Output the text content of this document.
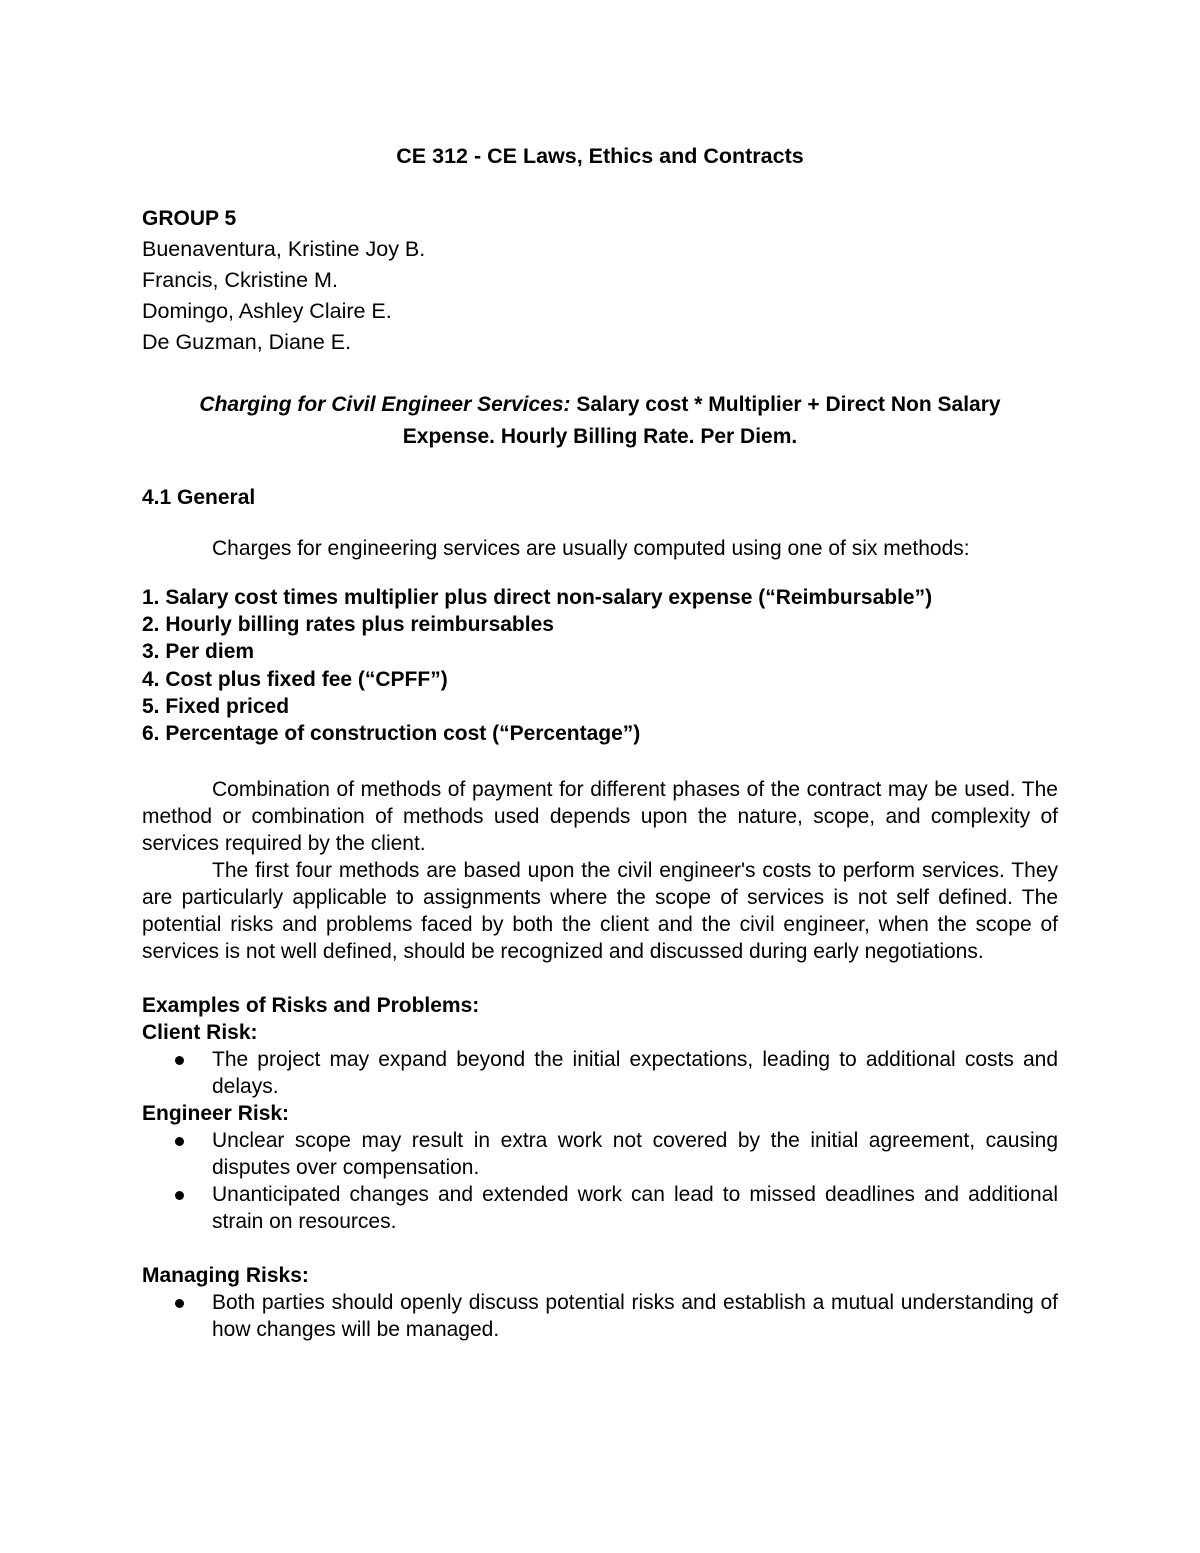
CE 312 - CE Laws, Ethics and Contracts
GROUP 5
Buenaventura, Kristine Joy B.
Francis, Ckristine M.
Domingo, Ashley Claire E.
De Guzman, Diane E.
Charging for Civil Engineer Services: Salary cost * Multiplier + Direct Non Salary
Expense. Hourly Billing Rate. Per Diem.
4.1 General
Charges for engineering services are usually computed using one of six methods:
1. Salary cost times multiplier plus direct non-salary expense (“Reimbursable”)
2. Hourly billing rates plus reimbursables
3. Per diem
4. Cost plus fixed fee (“CPFF”)
5. Fixed priced
6. Percentage of construction cost (“Percentage”)
Combination of methods of payment for different phases of the contract may be used. The method or combination of methods used depends upon the nature, scope, and complexity of services required by the client.
The first four methods are based upon the civil engineer's costs to perform services. They are particularly applicable to assignments where the scope of services is not self defined. The potential risks and problems faced by both the client and the civil engineer, when the scope of services is not well defined, should be recognized and discussed during early negotiations.
Examples of Risks and Problems:
Client Risk:
The project may expand beyond the initial expectations, leading to additional costs and delays.
Engineer Risk:
Unclear scope may result in extra work not covered by the initial agreement, causing disputes over compensation.
Unanticipated changes and extended work can lead to missed deadlines and additional strain on resources.
Managing Risks:
Both parties should openly discuss potential risks and establish a mutual understanding of how changes will be managed.
